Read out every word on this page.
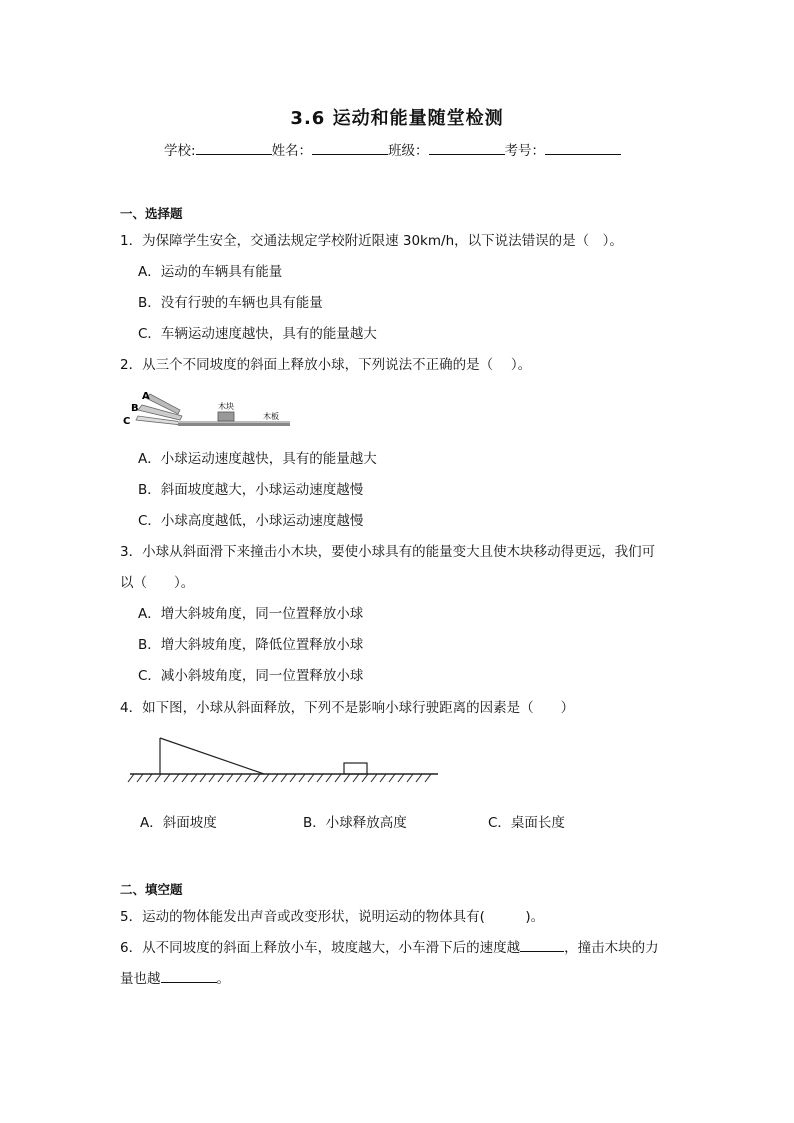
3.6 运动和能量随堂检测
学校:	姓名：	班级：	考号：
一、选择题
1．为保障学生安全，交通法规定学校附近限速 30km/h，以下说法错误的是（　）。
A．运动的车辆具有能量
B．没有行驶的车辆也具有能量
C．车辆运动速度越快，具有的能量越大
2．从三个不同坡度的斜面上释放小球，下列说法不正确的是（　 ）。
A
B
C
木块
木板
A．小球运动速度越快，具有的能量越大
B．斜面坡度越大，小球运动速度越慢
C．小球高度越低，小球运动速度越慢
3．小球从斜面滑下来撞击小木块，要使小球具有的能量变大且使木块移动得更远，我们可
以（　　）。
A．增大斜坡角度，同一位置释放小球
B．增大斜坡角度，降低位置释放小球
C．减小斜坡角度，同一位置释放小球
4．如下图，小球从斜面释放，下列不是影响小球行驶距离的因素是（　　）
A．斜面坡度	B．小球释放高度	C．桌面长度
二、填空题
5．运动的物体能发出声音或改变形状，说明运动的物体具有(　　　)。
6．从不同坡度的斜面上释放小车，坡度越大，小车滑下后的速度越	，撞击木块的力
量也越	。
